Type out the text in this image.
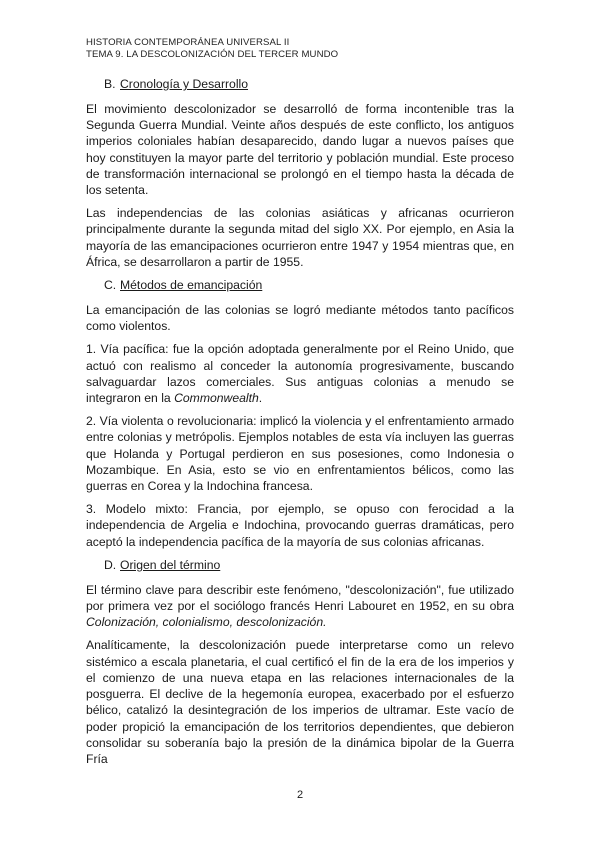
HISTORIA CONTEMPORÁNEA UNIVERSAL II
TEMA 9. LA DESCOLONIZACIÓN DEL TERCER MUNDO
B. Cronología y Desarrollo

El movimiento descolonizador se desarrolló de forma incontenible tras la Segunda Guerra Mundial. Veinte años después de este conflicto, los antiguos imperios coloniales habían desaparecido, dando lugar a nuevos países que hoy constituyen la mayor parte del territorio y población mundial. Este proceso de transformación internacional se prolongó en el tiempo hasta la década de los setenta.

Las independencias de las colonias asiáticas y africanas ocurrieron principalmente durante la segunda mitad del siglo XX. Por ejemplo, en Asia la mayoría de las emancipaciones ocurrieron entre 1947 y 1954 mientras que, en África, se desarrollaron a partir de 1955.

C. Métodos de emancipación

La emancipación de las colonias se logró mediante métodos tanto pacíficos como violentos.

1. Vía pacífica: fue la opción adoptada generalmente por el Reino Unido, que actuó con realismo al conceder la autonomía progresivamente, buscando salvaguardar lazos comerciales. Sus antiguas colonias a menudo se integraron en la Commonwealth.

2. Vía violenta o revolucionaria: implicó la violencia y el enfrentamiento armado entre colonias y metrópolis. Ejemplos notables de esta vía incluyen las guerras que Holanda y Portugal perdieron en sus posesiones, como Indonesia o Mozambique. En Asia, esto se vio en enfrentamientos bélicos, como las guerras en Corea y la Indochina francesa.

3. Modelo mixto: Francia, por ejemplo, se opuso con ferocidad a la independencia de Argelia e Indochina, provocando guerras dramáticas, pero aceptó la independencia pacífica de la mayoría de sus colonias africanas.

D. Origen del término

El término clave para describir este fenómeno, "descolonización", fue utilizado por primera vez por el sociólogo francés Henri Labouret en 1952, en su obra Colonización, colonialismo, descolonización.

Analíticamente, la descolonización puede interpretarse como un relevo sistémico a escala planetaria, el cual certificó el fin de la era de los imperios y el comienzo de una nueva etapa en las relaciones internacionales de la posguerra. El declive de la hegemonía europea, exacerbado por el esfuerzo bélico, catalizó la desintegración de los imperios de ultramar. Este vacío de poder propició la emancipación de los territorios dependientes, que debieron consolidar su soberanía bajo la presión de la dinámica bipolar de la Guerra Fría

2
